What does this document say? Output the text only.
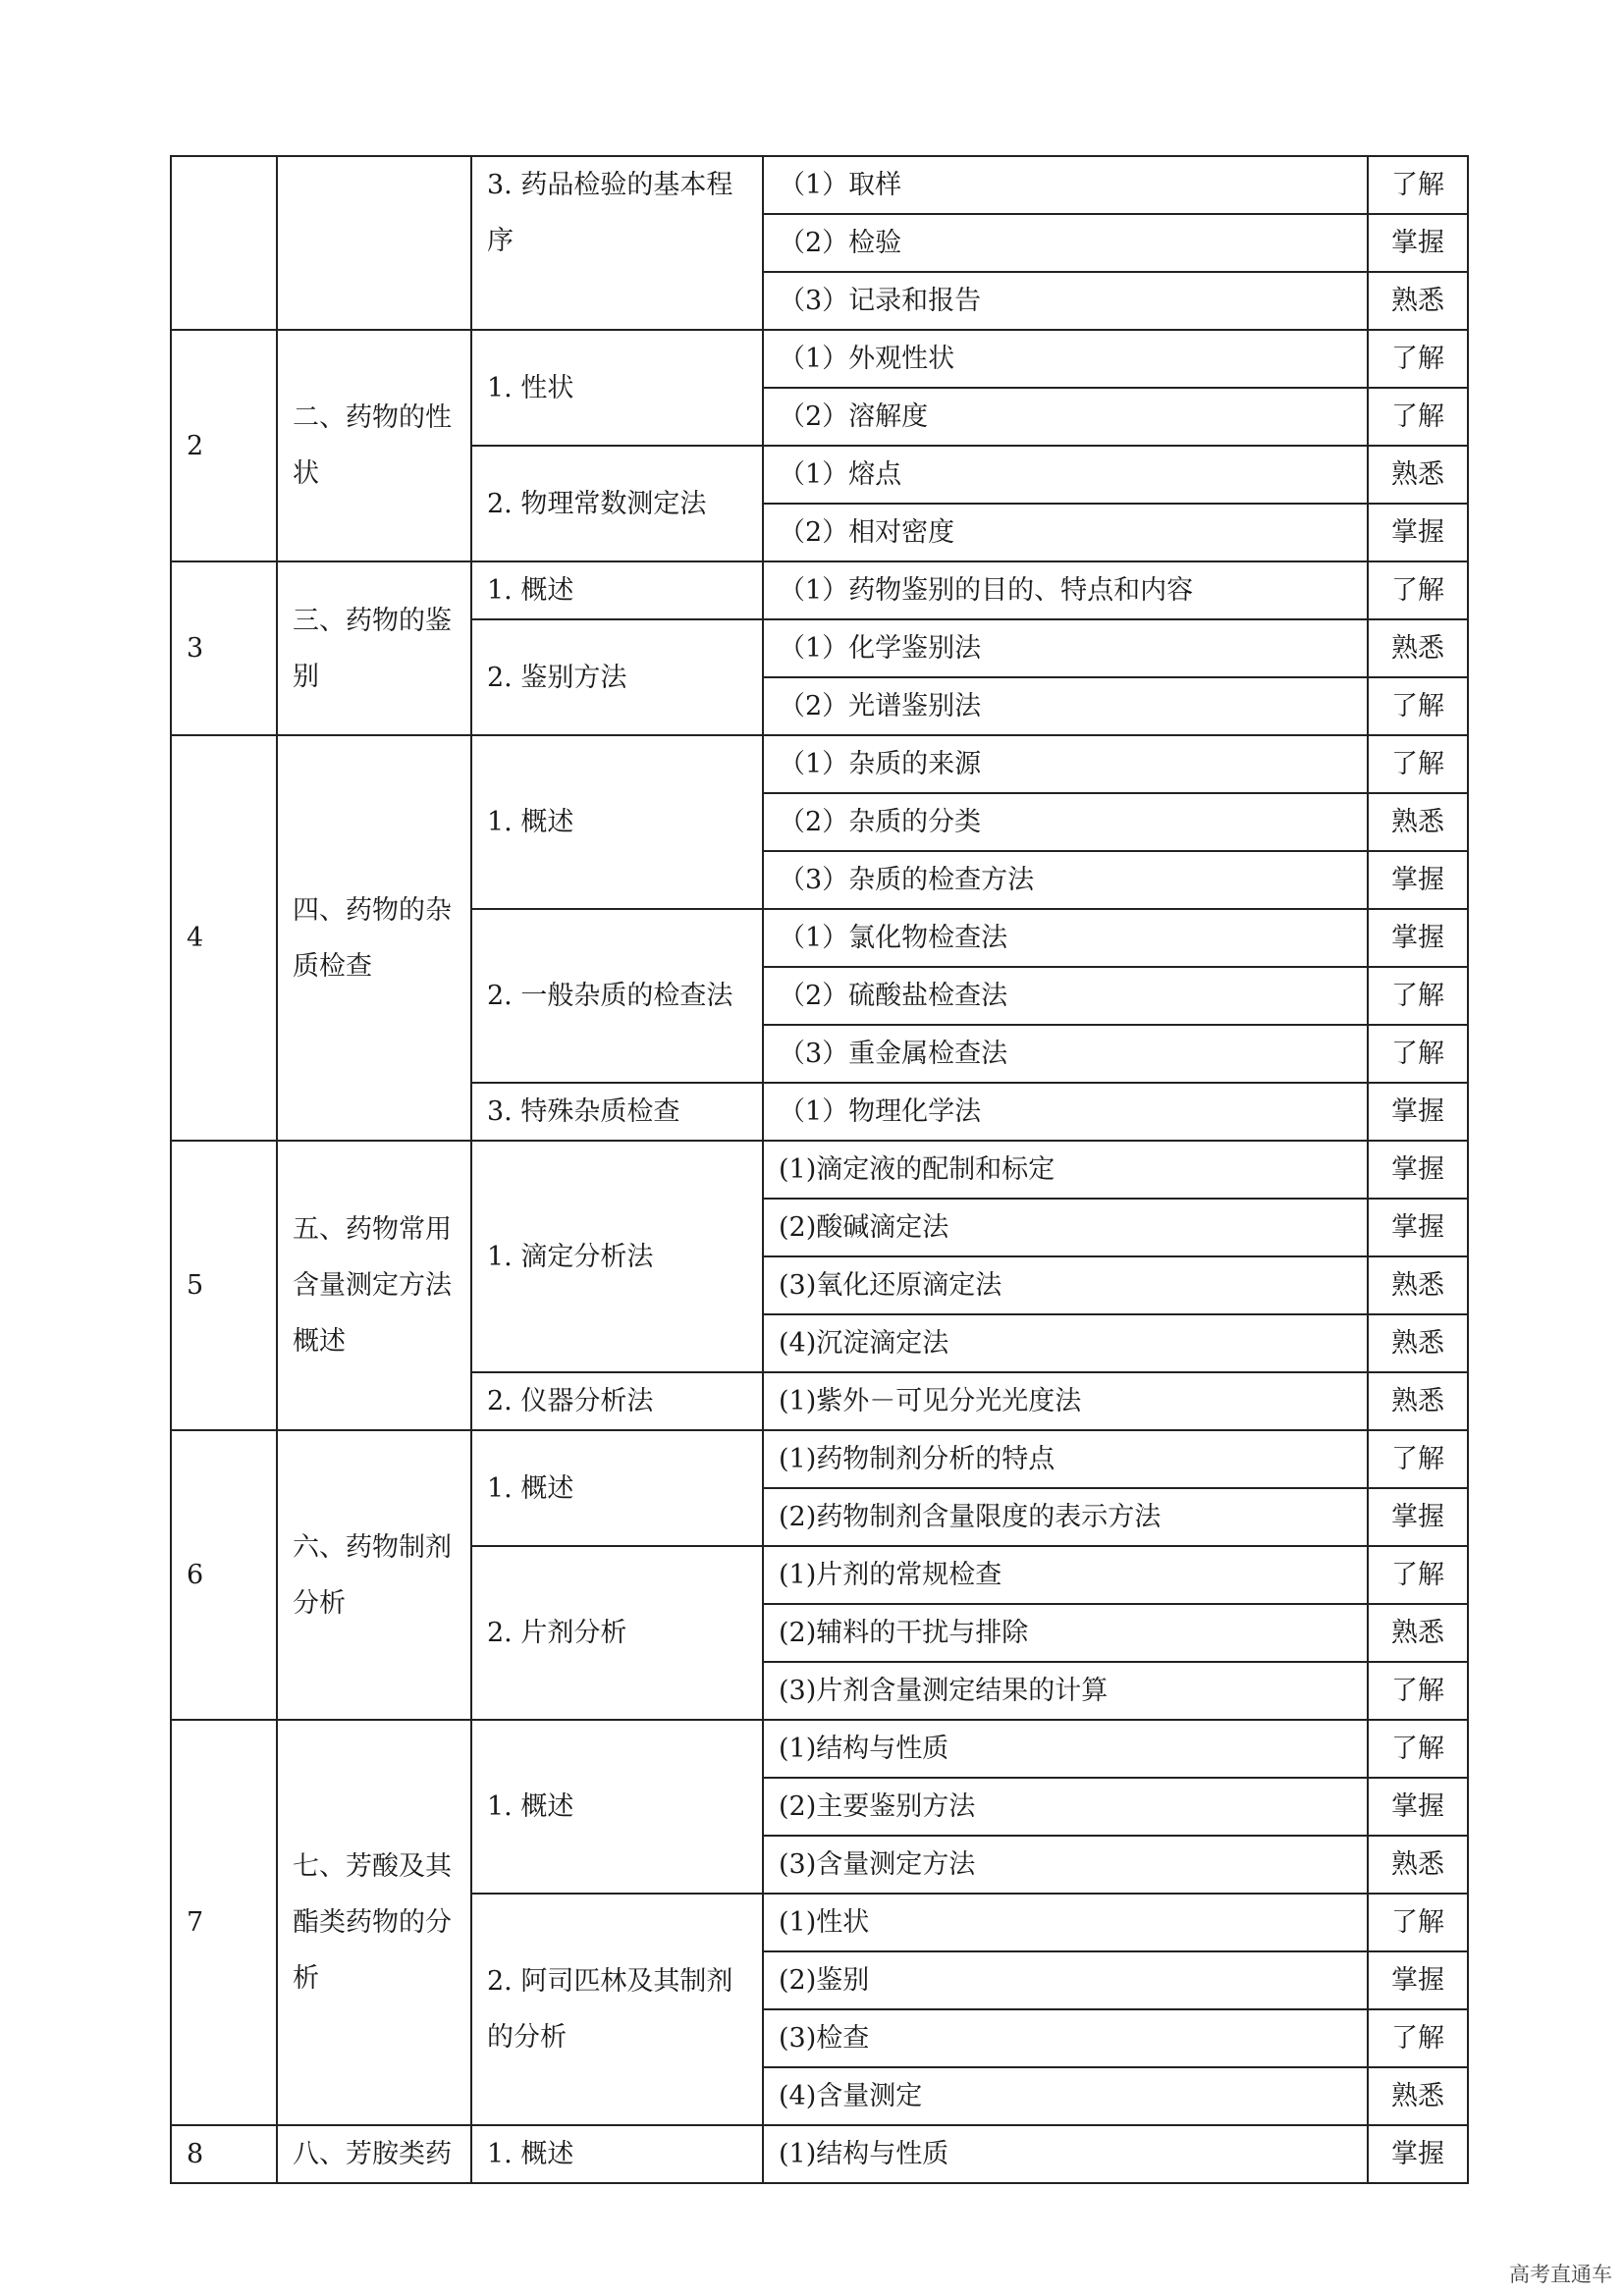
		3. 药品检验的基本程序	（1）取样	了解
			（2）检验	掌握
			（3）记录和报告	熟悉
2	二、药物的性状	1. 性状	（1）外观性状	了解
			（2）溶解度	了解
		2. 物理常数测定法	（1）熔点	熟悉
			（2）相对密度	掌握
3	三、药物的鉴别	1. 概述	（1）药物鉴别的目的、特点和内容	了解
		2. 鉴别方法	（1）化学鉴别法	熟悉
			（2）光谱鉴别法	了解
4	四、药物的杂质检查	1. 概述	（1）杂质的来源	了解
			（2）杂质的分类	熟悉
			（3）杂质的检查方法	掌握
		2. 一般杂质的检查法	（1）氯化物检查法	掌握
			（2）硫酸盐检查法	了解
			（3）重金属检查法	了解
		3. 特殊杂质检查	（1）物理化学法	掌握
5	五、药物常用含量测定方法概述	1. 滴定分析法	(1)滴定液的配制和标定	掌握
			(2)酸碱滴定法	掌握
			(3)氧化还原滴定法	熟悉
			(4)沉淀滴定法	熟悉
		2. 仪器分析法	(1)紫外－可见分光光度法	熟悉
6	六、药物制剂分析	1. 概述	(1)药物制剂分析的特点	了解
			(2)药物制剂含量限度的表示方法	掌握
		2. 片剂分析	(1)片剂的常规检查	了解
			(2)辅料的干扰与排除	熟悉
			(3)片剂含量测定结果的计算	了解
7	七、芳酸及其酯类药物的分析	1. 概述	(1)结构与性质	了解
			(2)主要鉴别方法	掌握
			(3)含量测定方法	熟悉
		2. 阿司匹林及其制剂的分析	(1)性状	了解
			(2)鉴别	掌握
			(3)检查	了解
			(4)含量测定	熟悉
8	八、芳胺类药	1. 概述	(1)结构与性质	掌握
高考直通车
